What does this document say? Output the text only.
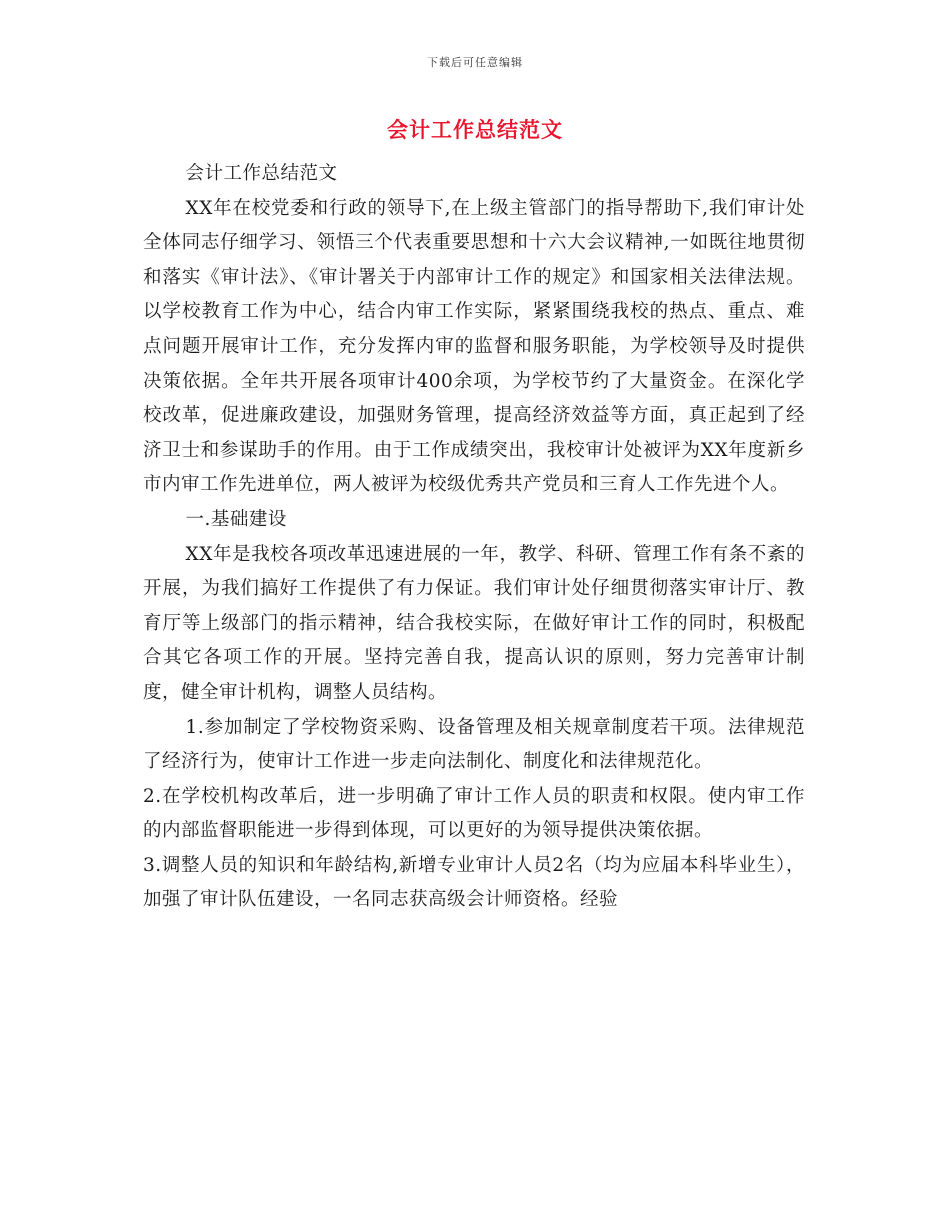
下载后可任意编辑
会计工作总结范文

会计工作总结范文

XX年在校党委和行政的领导下,在上级主管部门的指导帮助下,我们审计处全体同志仔细学习、领悟三个代表重要思想和十六大会议精神,一如既往地贯彻和落实《审计法》、《审计署关于内部审计工作的规定》和国家相关法律法规。以学校教育工作为中心，结合内审工作实际，紧紧围绕我校的热点、重点、难点问题开展审计工作，充分发挥内审的监督和服务职能，为学校领导及时提供决策依据。全年共开展各项审计400余项，为学校节约了大量资金。在深化学校改革，促进廉政建设，加强财务管理，提高经济效益等方面，真正起到了经济卫士和参谋助手的作用。由于工作成绩突出，我校审计处被评为XX年度新乡市内审工作先进单位，两人被评为校级优秀共产党员和三育人工作先进个人。

一.基础建设

XX年是我校各项改革迅速进展的一年，教学、科研、管理工作有条不紊的开展，为我们搞好工作提供了有力保证。我们审计处仔细贯彻落实审计厅、教育厅等上级部门的指示精神，结合我校实际，在做好审计工作的同时，积极配合其它各项工作的开展。坚持完善自我，提高认识的原则，努力完善审计制度，健全审计机构，调整人员结构。

1.参加制定了学校物资采购、设备管理及相关规章制度若干项。法律规范了经济行为，使审计工作进一步走向法制化、制度化和法律规范化。

2.在学校机构改革后，进一步明确了审计工作人员的职责和权限。使内审工作的内部监督职能进一步得到体现，可以更好的为领导提供决策依据。

3.调整人员的知识和年龄结构,新增专业审计人员2名（均为应届本科毕业生），加强了审计队伍建设，一名同志获高级会计师资格。经验
